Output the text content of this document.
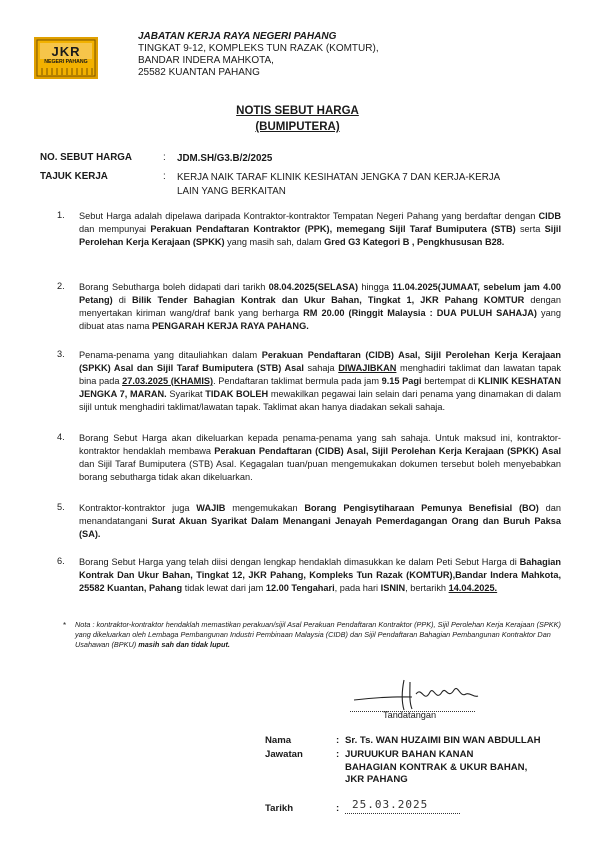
JKR
NEGERI PAHANG
JABATAN KERJA RAYA NEGERI PAHANG
TINGKAT 9-12, KOMPLEKS TUN RAZAK (KOMTUR),
BANDAR INDERA MAHKOTA,
25582 KUANTAN PAHANG
NOTIS SEBUT HARGA
(BUMIPUTERA)
NO. SEBUT HARGA	: JDM.SH/G3.B/2/2025
TAJUK KERJA	: KERJA NAIK TARAF KLINIK KESIHATAN JENGKA 7 DAN KERJA-KERJA
LAIN YANG BERKAITAN
1. Sebut Harga adalah dipelawa daripada Kontraktor-kontraktor Tempatan Negeri Pahang yang berdaftar dengan CIDB dan mempunyai Perakuan Pendaftaran Kontraktor (PPK), memegang Sijil Taraf Bumiputera (STB) serta Sijil Perolehan Kerja Kerajaan (SPKK) yang masih sah, dalam Gred G3 Kategori B , Pengkhususan B28.
2. Borang Sebutharga boleh didapati dari tarikh 08.04.2025(SELASA) hingga 11.04.2025(JUMAAT, sebelum jam 4.00 Petang) di Bilik Tender Bahagian Kontrak dan Ukur Bahan, Tingkat 1, JKR Pahang KOMTUR dengan menyertakan kiriman wang/draf bank yang berharga RM 20.00 (Ringgit Malaysia : DUA PULUH SAHAJA) yang dibuat atas nama PENGARAH KERJA RAYA PAHANG.
3. Penama-penama yang ditauliahkan dalam Perakuan Pendaftaran (CIDB) Asal, Sijil Perolehan Kerja Kerajaan (SPKK) Asal dan Sijil Taraf Bumiputera (STB) Asal sahaja DIWAJIBKAN menghadiri taklimat dan lawatan tapak bina pada 27.03.2025 (KHAMIS). Pendaftaran taklimat bermula pada jam 9.15 Pagi bertempat di KLINIK KESHATAN JENGKA 7, MARAN. Syarikat TIDAK BOLEH mewakilkan pegawai lain selain dari penama yang dinamakan di dalam sijil untuk menghadiri taklimat/lawatan tapak. Taklimat akan hanya diadakan sekali sahaja.
4. Borang Sebut Harga akan dikeluarkan kepada penama-penama yang sah sahaja. Untuk maksud ini, kontraktor-kontraktor hendaklah membawa Perakuan Pendaftaran (CIDB) Asal, Sijil Perolehan Kerja Kerajaan (SPKK) Asal dan Sijil Taraf Bumiputera (STB) Asal. Kegagalan tuan/puan mengemukakan dokumen tersebut boleh menyebabkan borang sebutharga tidak akan dikeluarkan.
5. Kontraktor-kontraktor juga WAJIB mengemukakan Borang Pengisytiharaan Pemunya Benefisial (BO) dan menandatangani Surat Akuan Syarikat Dalam Menangani Jenayah Pemerdagangan Orang dan Buruh Paksa (SA).
6. Borang Sebut Harga yang telah diisi dengan lengkap hendaklah dimasukkan ke dalam Peti Sebut Harga di Bahagian Kontrak Dan Ukur Bahan, Tingkat 12, JKR Pahang, Kompleks Tun Razak (KOMTUR),Bandar Indera Mahkota, 25582 Kuantan, Pahang tidak lewat dari jam 12.00 Tengahari, pada hari ISNIN, bertarikh 14.04.2025.
* Nota : kontraktor-kontraktor hendaklah memastikan perakuan/sijil Asal Perakuan Pendaftaran Kontraktor (PPK), Sijil Perolehan Kerja Kerajaan (SPKK) yang dikeluarkan oleh Lembaga Pembangunan Industri Pembinaan Malaysia (CIDB) dan Sijil Pendaftaran Bahagian Pembangunan Kontraktor Dan Usahawan (BPKU) masih sah dan tidak luput.
Tandatangan
Nama	: Sr. Ts. WAN HUZAIMI BIN WAN ABDULLAH
Jawatan	: JURUUKUR BAHAN KANAN
BAHAGIAN KONTRAK & UKUR BAHAN,
JKR PAHANG
Tarikh	: 25.03.2025
